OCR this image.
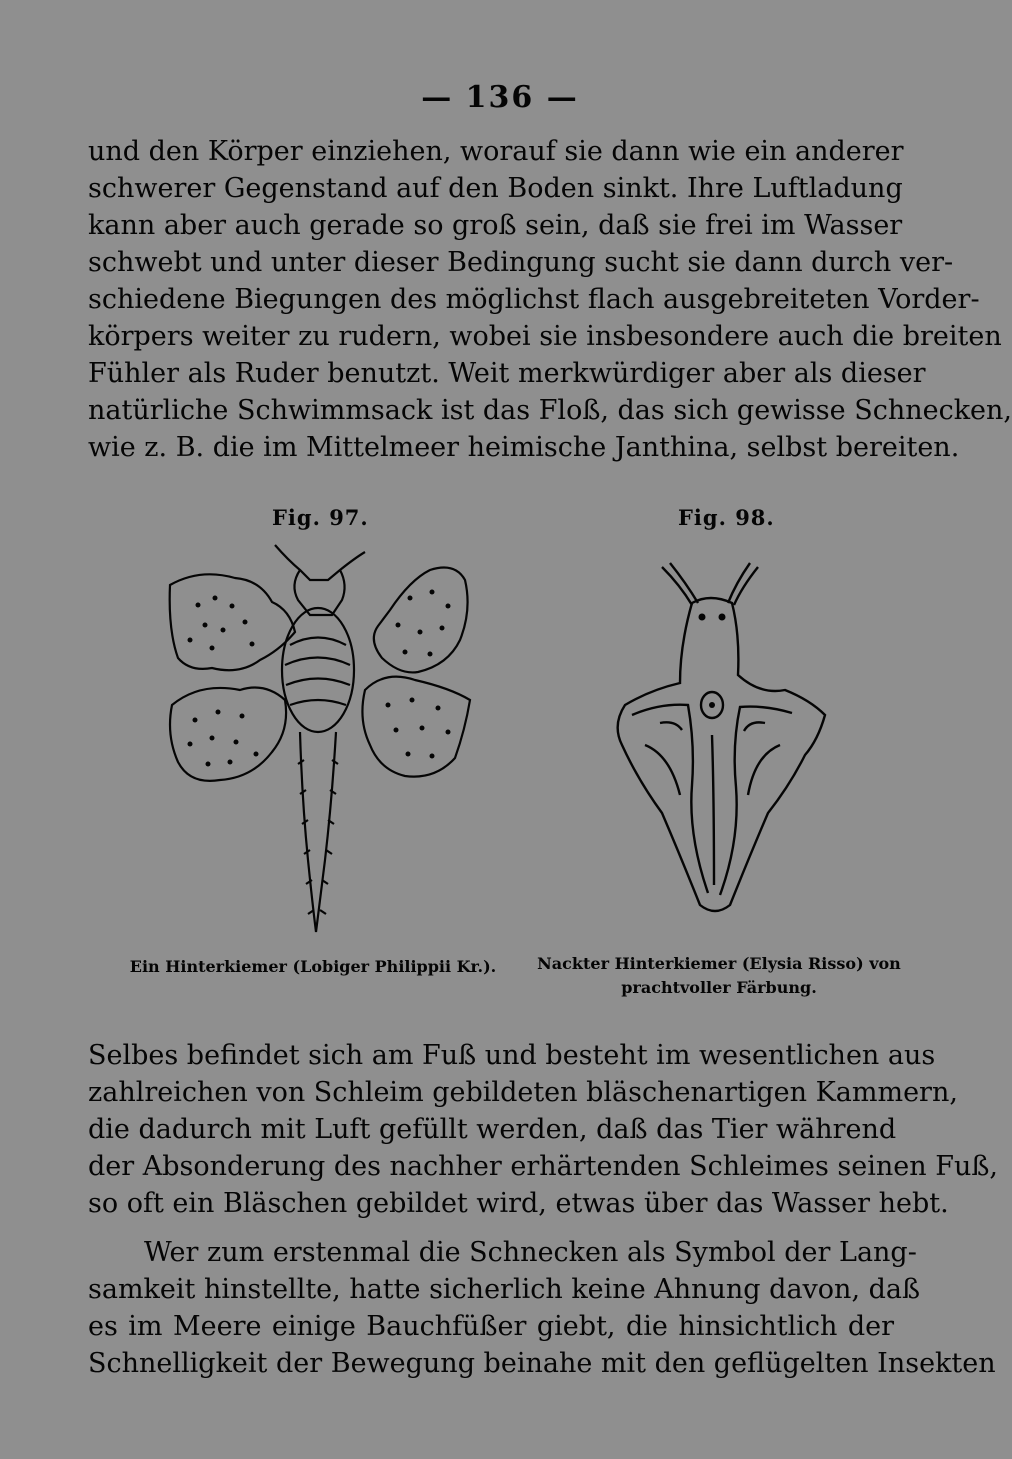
— 136 —
und den Körper einziehen, worauf sie dann wie ein anderer
schwerer Gegenstand auf den Boden sinkt. Ihre Luftladung
kann aber auch gerade so groß sein, daß sie frei im Wasser
schwebt und unter dieser Bedingung sucht sie dann durch ver-
schiedene Biegungen des möglichst flach ausgebreiteten Vorder-
körpers weiter zu rudern, wobei sie insbesondere auch die breiten
Fühler als Ruder benutzt. Weit merkwürdiger aber als dieser
natürliche Schwimmsack ist das Floß, das sich gewisse Schnecken,
wie z. B. die im Mittelmeer heimische Janthina, selbst bereiten.
Fig. 97.	Fig. 98.
Ein Hinterkiemer (Lobiger Philippii Kr.).	Nackter Hinterkiemer (Elysia Risso) von prachtvoller Färbung.
Selbes befindet sich am Fuß und besteht im wesentlichen aus
zahlreichen von Schleim gebildeten bläschenartigen Kammern,
die dadurch mit Luft gefüllt werden, daß das Tier während
der Absonderung des nachher erhärtenden Schleimes seinen Fuß,
so oft ein Bläschen gebildet wird, etwas über das Wasser hebt.
Wer zum erstenmal die Schnecken als Symbol der Lang-
samkeit hinstellte, hatte sicherlich keine Ahnung davon, daß
es im Meere einige Bauchfüßer giebt, die hinsichtlich der
Schnelligkeit der Bewegung beinahe mit den geflügelten Insekten
